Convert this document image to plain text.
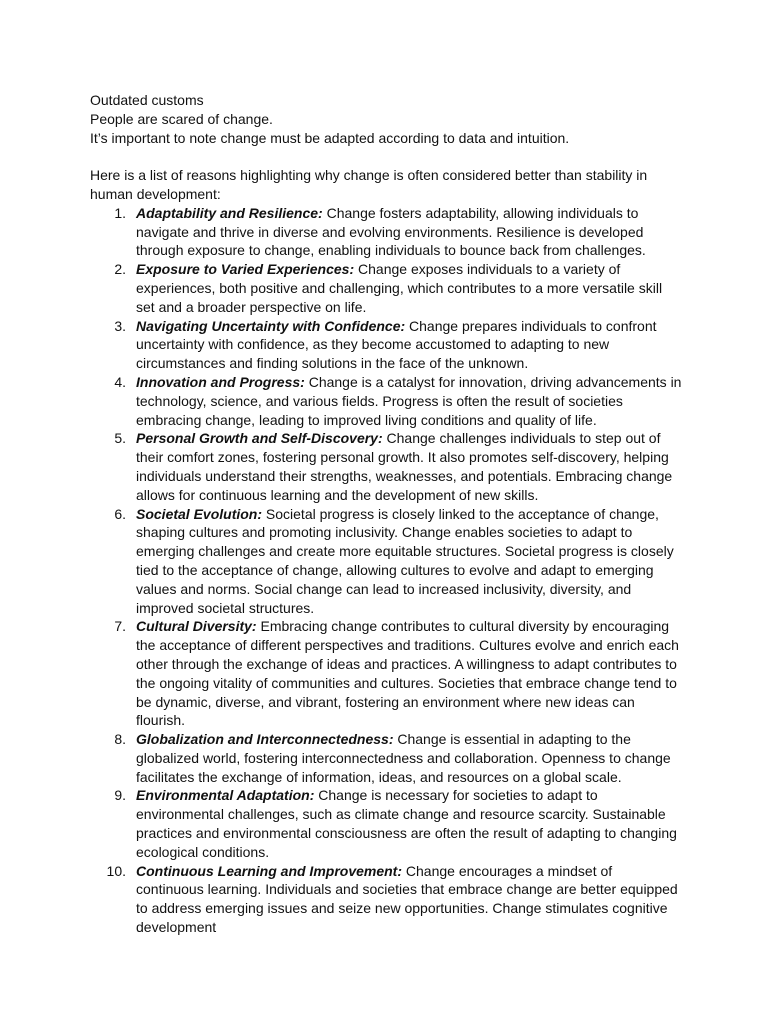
Outdated customs

People are scared of change.

It’s important to note change must be adapted according to data and intuition.

Here is a list of reasons highlighting why change is often considered better than stability in human development:

1. Adaptability and Resilience: Change fosters adaptability, allowing individuals to navigate and thrive in diverse and evolving environments. Resilience is developed through exposure to change, enabling individuals to bounce back from challenges.
2. Exposure to Varied Experiences: Change exposes individuals to a variety of experiences, both positive and challenging, which contributes to a more versatile skill set and a broader perspective on life.
3. Navigating Uncertainty with Confidence: Change prepares individuals to confront uncertainty with confidence, as they become accustomed to adapting to new circumstances and finding solutions in the face of the unknown.
4. Innovation and Progress: Change is a catalyst for innovation, driving advancements in technology, science, and various fields. Progress is often the result of societies embracing change, leading to improved living conditions and quality of life.
5. Personal Growth and Self-Discovery: Change challenges individuals to step out of their comfort zones, fostering personal growth. It also promotes self-discovery, helping individuals understand their strengths, weaknesses, and potentials. Embracing change allows for continuous learning and the development of new skills.
6. Societal Evolution: Societal progress is closely linked to the acceptance of change, shaping cultures and promoting inclusivity. Change enables societies to adapt to emerging challenges and create more equitable structures. Societal progress is closely tied to the acceptance of change, allowing cultures to evolve and adapt to emerging values and norms. Social change can lead to increased inclusivity, diversity, and improved societal structures.
7. Cultural Diversity: Embracing change contributes to cultural diversity by encouraging the acceptance of different perspectives and traditions. Cultures evolve and enrich each other through the exchange of ideas and practices. A willingness to adapt contributes to the ongoing vitality of communities and cultures. Societies that embrace change tend to be dynamic, diverse, and vibrant, fostering an environment where new ideas can flourish.
8. Globalization and Interconnectedness: Change is essential in adapting to the globalized world, fostering interconnectedness and collaboration. Openness to change facilitates the exchange of information, ideas, and resources on a global scale.
9. Environmental Adaptation: Change is necessary for societies to adapt to environmental challenges, such as climate change and resource scarcity. Sustainable practices and environmental consciousness are often the result of adapting to changing ecological conditions.
10. Continuous Learning and Improvement: Change encourages a mindset of continuous learning. Individuals and societies that embrace change are better equipped to address emerging issues and seize new opportunities. Change stimulates cognitive development
